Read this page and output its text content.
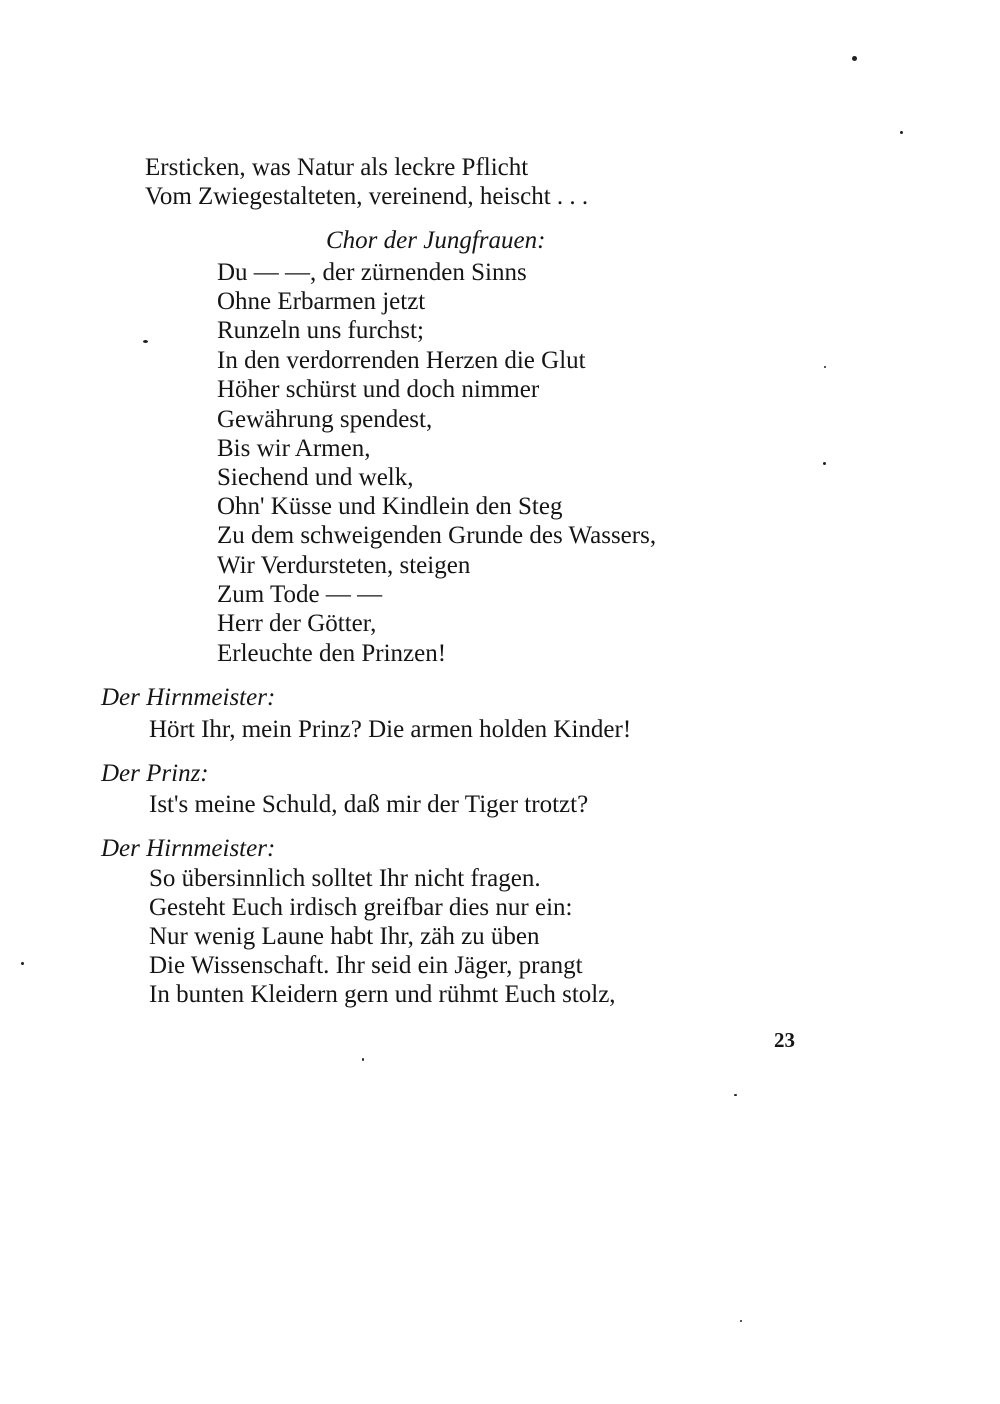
Ersticken, was Natur als leckre Pflicht
Vom Zwiegestalteten, vereinend, heischt . . .
Chor der Jungfrauen:
Du — —, der zürnenden Sinns
Ohne Erbarmen jetzt
Runzeln uns furchst;
In den verdorrenden Herzen die Glut
Höher schürst und doch nimmer
Gewährung spendest,
Bis wir Armen,
Siechend und welk,
Ohn' Küsse und Kindlein den Steg
Zu dem schweigenden Grunde des Wassers,
Wir Verdursteten, steigen
Zum Tode — —
Herr der Götter,
Erleuchte den Prinzen!
Der Hirnmeister:
Hört Ihr, mein Prinz? Die armen holden Kinder!
Der Prinz:
Ist's meine Schuld, daß mir der Tiger trotzt?
Der Hirnmeister:
So übersinnlich solltet Ihr nicht fragen.
Gesteht Euch irdisch greifbar dies nur ein:
Nur wenig Laune habt Ihr, zäh zu üben
Die Wissenschaft. Ihr seid ein Jäger, prangt
In bunten Kleidern gern und rühmt Euch stolz,
23
